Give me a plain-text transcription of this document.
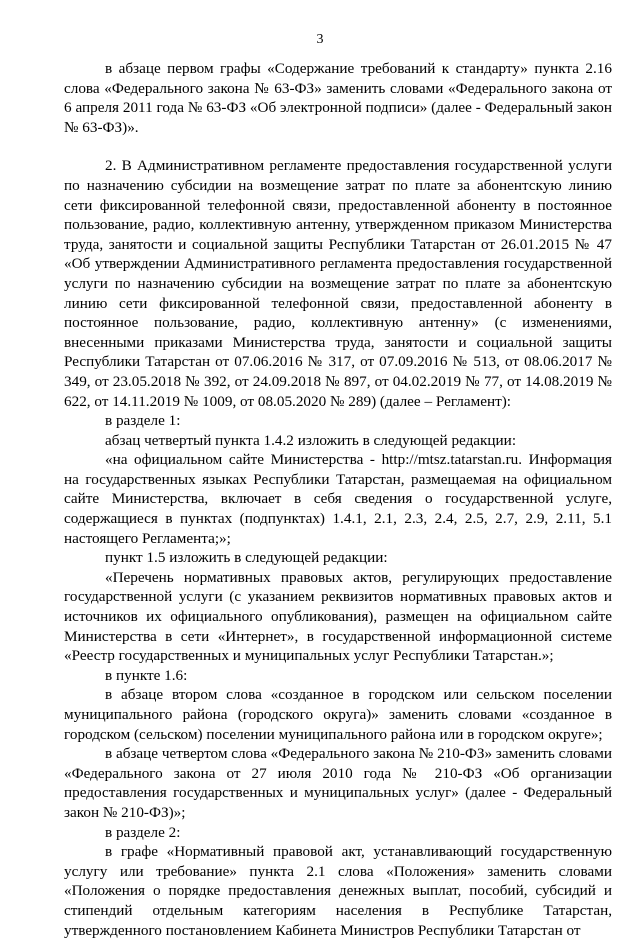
3

в абзаце первом графы «Содержание требований к стандарту» пункта 2.16 слова «Федерального закона № 63-ФЗ» заменить словами «Федерального закона от 6 апреля 2011 года № 63-ФЗ «Об электронной подписи» (далее - Федеральный закон № 63-ФЗ)».

2. В Административном регламенте предоставления государственной услуги по назначению субсидии на возмещение затрат по плате за абонентскую линию сети фиксированной телефонной связи, предоставленной абоненту в постоянное пользование, радио, коллективную антенну, утвержденном приказом Министерства труда, занятости и социальной защиты Республики Татарстан от 26.01.2015 № 47 «Об утверждении Административного регламента предоставления государственной услуги по назначению субсидии на возмещение затрат по плате за абонентскую линию сети фиксированной телефонной связи, предоставленной абоненту в постоянное пользование, радио, коллективную антенну» (с изменениями, внесенными приказами Министерства труда, занятости и социальной защиты Республики Татарстан от 07.06.2016 № 317, от 07.09.2016 № 513, от 08.06.2017 № 349, от 23.05.2018 № 392, от 24.09.2018 № 897, от 04.02.2019 № 77, от 14.08.2019 № 622, от 14.11.2019 № 1009, от 08.05.2020 № 289) (далее – Регламент):

в разделе 1:

абзац четвертый пункта 1.4.2 изложить в следующей редакции:

«на официальном сайте Министерства - http://mtsz.tatarstan.ru. Информация на государственных языках Республики Татарстан, размещаемая на официальном сайте Министерства, включает в себя сведения о государственной услуге, содержащиеся в пунктах (подпунктах) 1.4.1, 2.1, 2.3, 2.4, 2.5, 2.7, 2.9, 2.11, 5.1 настоящего Регламента;»;

пункт 1.5 изложить в следующей редакции:

«Перечень нормативных правовых актов, регулирующих предоставление государственной услуги (с указанием реквизитов нормативных правовых актов и источников их официального опубликования), размещен на официальном сайте Министерства в сети «Интернет», в государственной информационной системе «Реестр государственных и муниципальных услуг Республики Татарстан.»;

в пункте 1.6:

в абзаце втором слова «созданное в городском или сельском поселении муниципального района (городского округа)» заменить словами «созданное в городском (сельском) поселении муниципального района или в городском округе»;

в абзаце четвертом слова «Федерального закона № 210-ФЗ» заменить словами «Федерального закона от 27 июля 2010 года № 210-ФЗ «Об организации предоставления государственных и муниципальных услуг» (далее - Федеральный закон № 210-ФЗ)»;

в разделе 2:

в графе «Нормативный правовой акт, устанавливающий государственную услугу или требование» пункта 2.1 слова «Положения» заменить словами «Положения о порядке предоставления денежных выплат, пособий, субсидий и стипендий отдельным категориям населения в Республике Татарстан, утвержденного постановлением Кабинета Министров Республики Татарстан от
